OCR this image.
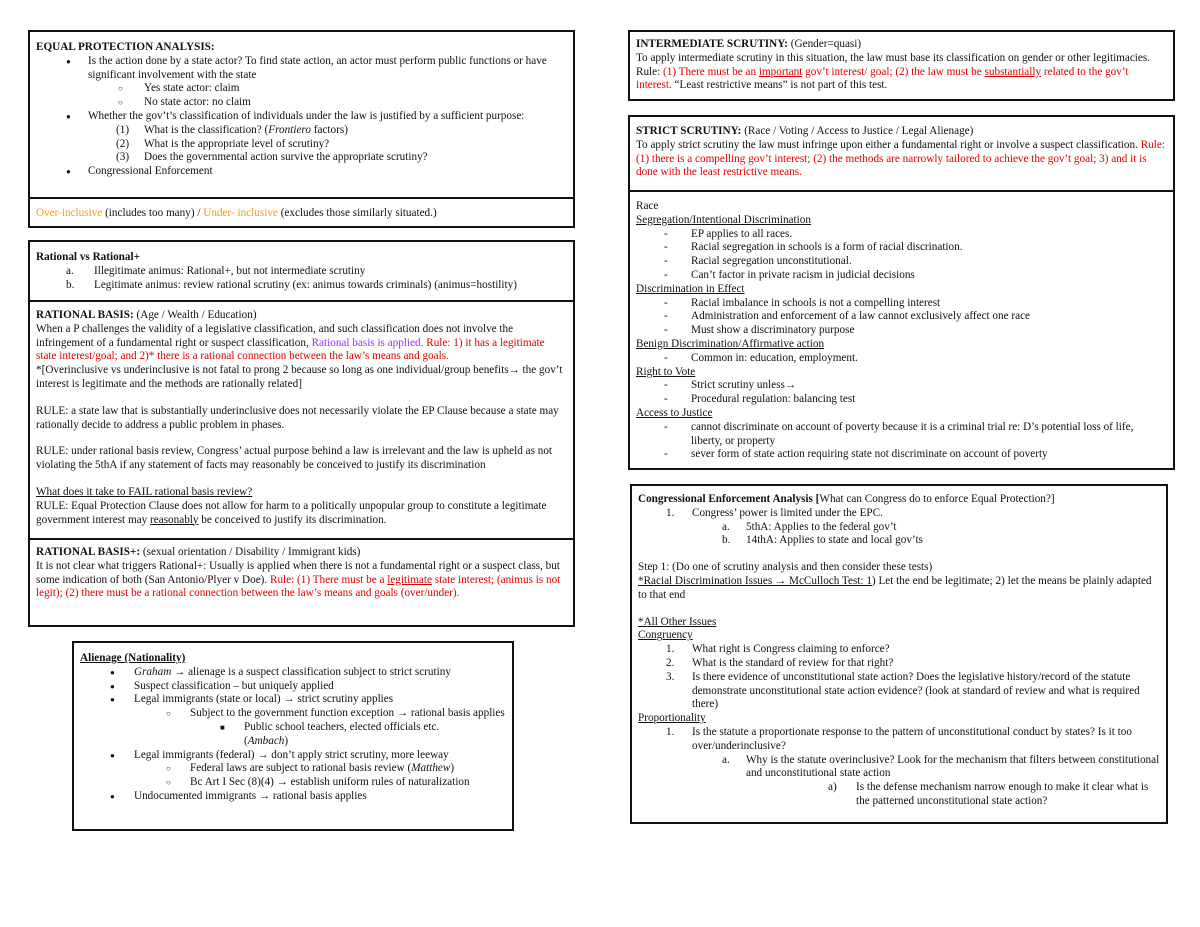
EQUAL PROTECTION ANALYSIS:

● Is the action done by a state actor? To find state action, an actor must perform public functions or have significant involvement with the state
○ Yes state actor: claim
○ No state actor: no claim
● Whether the gov’t’s classification of individuals under the law is justified by a sufficient purpose:
(1) What is the classification? (Frontiero factors)
(2) What is the appropriate level of scrutiny?
(3) Does the governmental action survive the appropriate scrutiny?
● Congressional Enforcement
Over-inclusive (includes too many) / Under- inclusive (excludes those similarly situated.)

Rational vs Rational+

a. Illegitimate animus: Rational+, but not intermediate scrutiny
b. Legitimate animus: review rational scrutiny (ex: animus towards criminals) (animus=hostility)

RATIONAL BASIS: (Age / Wealth / Education)

When a P challenges the validity of a legislative classification, and such classification does not involve the infringement of a fundamental right or suspect classification, Rational basis is applied. Rule: 1) it has a legitimate state interest/goal; and 2)* there is a rational connection between the law’s means and goals.

*[Overinclusive vs underinclusive is not fatal to prong 2 because so long as one individual/group benefits→ the gov’t interest is legitimate and the methods are rationally related]

RULE: a state law that is substantially underinclusive does not necessarily violate the EP Clause because a state may rationally decide to address a public problem in phases.

RULE: under rational basis review, Congress’ actual purpose behind a law is irrelevant and the law is upheld as not violating the 5thA if any statement of facts may reasonably be conceived to justify its discrimination

What does it take to FAIL rational basis review?

RULE: Equal Protection Clause does not allow for harm to a politically unpopular group to constitute a legitimate government interest may reasonably be conceived to justify its discrimination.

RATIONAL BASIS+: (sexual orientation / Disability / Immigrant kids)

It is not clear what triggers Rational+: Usually is applied when there is not a fundamental right or a suspect class, but some indication of both (San Antonio/Plyer v Doe). Rule: (1) There must be a legitimate state interest; (animus is not legit); (2) there must be a rational connection between the law’s means and goals (over/under).

Alienage (Nationality)

● Graham → alienage is a suspect classification subject to strict scrutiny
● Suspect classification – but uniquely applied
● Legal immigrants (state or local) → strict scrutiny applies
○ Subject to the government function exception → rational basis applies
■ Public school teachers, elected officials etc.
(Ambach)
● Legal immigrants (federal) → don’t apply strict scrutiny, more leeway
○ Federal laws are subject to rational basis review (Matthew)
○ Bc Art I Sec (8)(4) → establish uniform rules of naturalization
● Undocumented immigrants → rational basis applies

INTERMEDIATE SCRUTINY: (Gender=quasi)

To apply intermediate scrutiny in this situation, the law must base its classification on gender or other legitimacies. Rule: (1) There must be an important gov’t interest/ goal; (2) the law must be substantially related to the gov’t interest. “Least restrictive means” is not part of this test.

STRICT SCRUTINY: (Race / Voting / Access to Justice / Legal Alienage)

To apply strict scrutiny the law must infringe upon either a fundamental right or involve a suspect classification. Rule: (1) there is a compelling gov’t interest; (2) the methods are narrowly tailored to achieve the gov’t goal; 3) and it is done with the least restrictive means.

Race

Segregation/Intentional Discrimination

- EP applies to all races.
- Racial segregation in schools is a form of racial discrination.
- Racial segregation unconstitutional.
- Can’t factor in private racism in judicial decisions

Discrimination in Effect

- Racial imbalance in schools is not a compelling interest
- Administration and enforcement of a law cannot exclusively affect one race
- Must show a discriminatory purpose

Benign Discrimination/Affirmative action

- Common in: education, employment.

Right to Vote

- Strict scrutiny unless→
- Procedural regulation: balancing test

Access to Justice

- cannot discriminate on account of poverty because it is a criminal trial re: D’s potential loss of life, liberty, or property
- sever form of state action requiring state not discriminate on account of poverty

Congressional Enforcement Analysis [What can Congress do to enforce Equal Protection?]

1. Congress’ power is limited under the EPC.
a. 5thA: Applies to the federal gov’t
b. 14thA: Applies to state and local gov’ts

Step 1: (Do one of scrutiny analysis and then consider these tests)

*Racial Discrimination Issues → McCulloch Test: 1) Let the end be legitimate; 2) let the means be plainly adapted to that end

*All Other Issues

Congruency

1. What right is Congress claiming to enforce?
2. What is the standard of review for that right?
3. Is there evidence of unconstitutional state action? Does the legislative history/record of the statute demonstrate unconstitutional state action evidence? (look at standard of review and what is required there)

Proportionality

1. Is the statute a proportionate response to the pattern of unconstitutional conduct by states? Is it too over/underinclusive?
a. Why is the statute overinclusive? Look for the mechanism that filters between constitutional and unconstitutional state action
a) Is the defense mechanism narrow enough to make it clear what is the patterned unconstitutional state action?
